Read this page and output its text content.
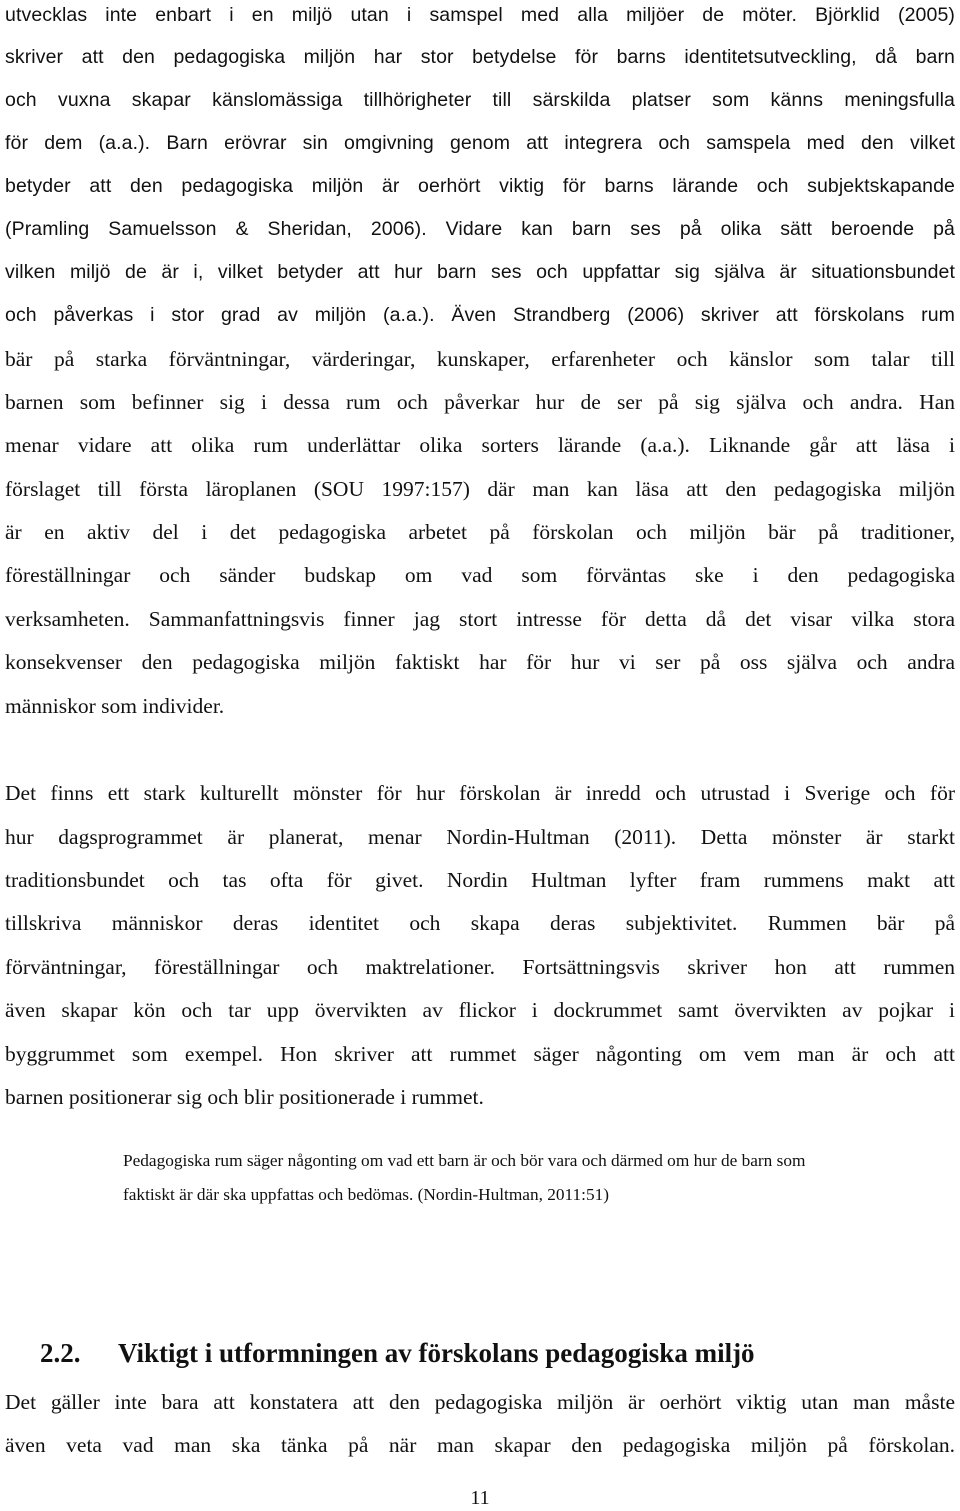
utvecklas inte enbart i en miljö utan i samspel med alla miljöer de möter. Björklid (2005)
skriver att den pedagogiska miljön har stor betydelse för barns identitetsutveckling, då barn
och vuxna skapar känslomässiga tillhörigheter till särskilda platser som känns meningsfulla
för dem (a.a.). Barn erövrar sin omgivning genom att integrera och samspela med den vilket
betyder att den pedagogiska miljön är oerhört viktig för barns lärande och subjektskapande
(Pramling Samuelsson & Sheridan, 2006). Vidare kan barn ses på olika sätt beroende på
vilken miljö de är i, vilket betyder att hur barn ses och uppfattar sig själva är situationsbundet
och påverkas i stor grad av miljön (a.a.). Även Strandberg (2006) skriver att förskolans rum
bär på starka förväntningar, värderingar, kunskaper, erfarenheter och känslor som talar till
barnen som befinner sig i dessa rum och påverkar hur de ser på sig själva och andra. Han
menar vidare att olika rum underlättar olika sorters lärande (a.a.). Liknande går att läsa i
förslaget till första läroplanen (SOU 1997:157) där man kan läsa att den pedagogiska miljön
är en aktiv del i det pedagogiska arbetet på förskolan och miljön bär på traditioner,
föreställningar och sänder budskap om vad som förväntas ske i den pedagogiska
verksamheten. Sammanfattningsvis finner jag stort intresse för detta då det visar vilka stora
konsekvenser den pedagogiska miljön faktiskt har för hur vi ser på oss själva och andra
människor som individer.
Det finns ett stark kulturellt mönster för hur förskolan är inredd och utrustad i Sverige och för
hur dagsprogrammet är planerat, menar Nordin-Hultman (2011). Detta mönster är starkt
traditionsbundet och tas ofta för givet. Nordin Hultman lyfter fram rummens makt att
tillskriva människor deras identitet och skapa deras subjektivitet. Rummen bär på
förväntningar, föreställningar och maktrelationer. Fortsättningsvis skriver hon att rummen
även skapar kön och tar upp övervikten av flickor i dockrummet samt övervikten av pojkar i
byggrummet som exempel. Hon skriver att rummet säger någonting om vem man är och att
barnen positionerar sig och blir positionerade i rummet.
Pedagogiska rum säger någonting om vad ett barn är och bör vara och därmed om hur de barn som
faktiskt är där ska uppfattas och bedömas. (Nordin-Hultman, 2011:51)
2.2. Viktigt i utformningen av förskolans pedagogiska miljö
Det gäller inte bara att konstatera att den pedagogiska miljön är oerhört viktig utan man måste
även veta vad man ska tänka på när man skapar den pedagogiska miljön på förskolan.
11
